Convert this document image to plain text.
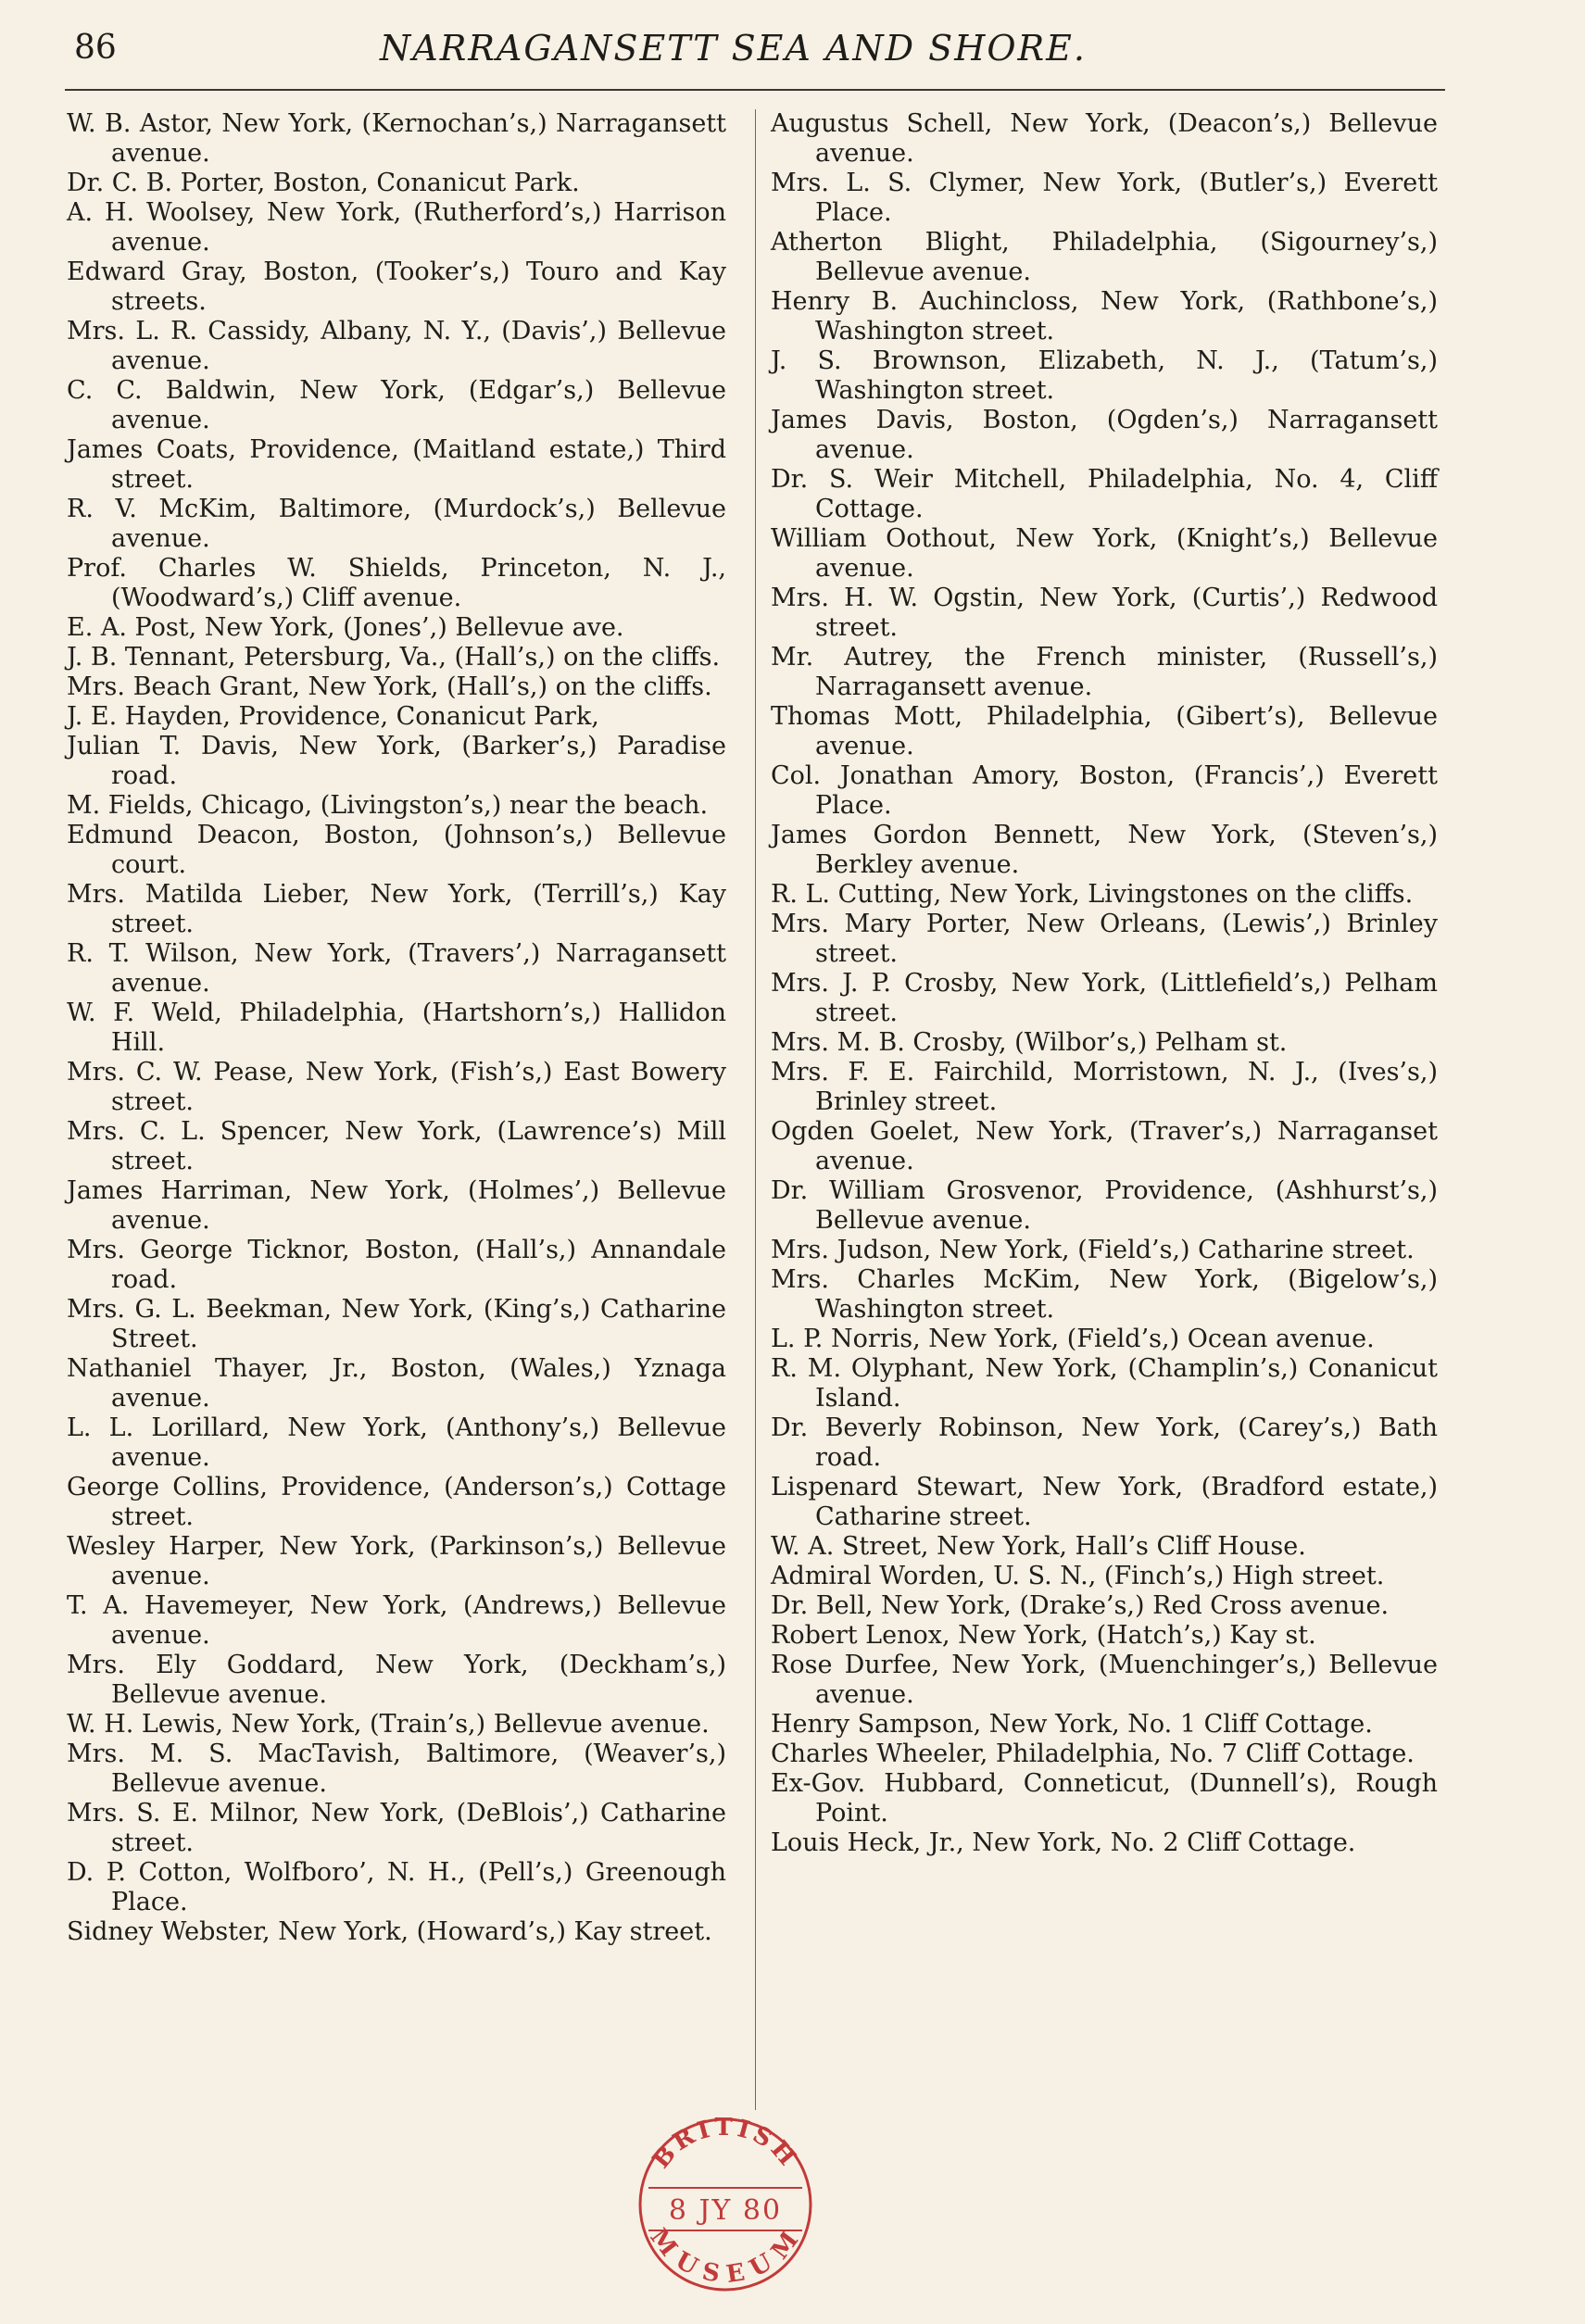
86	NARRAGANSETT SEA AND SHORE.
W. B. Astor, New York, (Kernochan’s,) Narragansett avenue.
Dr. C. B. Porter, Boston, Conanicut Park.
A. H. Woolsey, New York, (Rutherford’s,) Harrison avenue.
Edward Gray, Boston, (Tooker’s,) Touro and Kay streets.
Mrs. L. R. Cassidy, Albany, N. Y., (Davis’,) Bellevue avenue.
C. C. Baldwin, New York, (Edgar’s,) Bellevue avenue.
James Coats, Providence, (Maitland estate,) Third street.
R. V. McKim, Baltimore, (Murdock’s,) Bellevue avenue.
Prof. Charles W. Shields, Princeton, N. J., (Woodward’s,) Cliff avenue.
E. A. Post, New York, (Jones’,) Bellevue ave.
J. B. Tennant, Petersburg, Va., (Hall’s,) on the cliffs.
Mrs. Beach Grant, New York, (Hall’s,) on the cliffs.
J. E. Hayden, Providence, Conanicut Park,
Julian T. Davis, New York, (Barker’s,) Paradise road.
M. Fields, Chicago, (Livingston’s,) near the beach.
Edmund Deacon, Boston, (Johnson’s,) Bellevue court.
Mrs. Matilda Lieber, New York, (Terrill’s,) Kay street.
R. T. Wilson, New York, (Travers’,) Narragansett avenue.
W. F. Weld, Philadelphia, (Hartshorn’s,) Hallidon Hill.
Mrs. C. W. Pease, New York, (Fish’s,) East Bowery street.
Mrs. C. L. Spencer, New York, (Lawrence’s) Mill street.
James Harriman, New York, (Holmes’,) Bellevue avenue.
Mrs. George Ticknor, Boston, (Hall’s,) Annandale road.
Mrs. G. L. Beekman, New York, (King’s,) Catharine Street.
Nathaniel Thayer, Jr., Boston, (Wales,) Yznaga avenue.
L. L. Lorillard, New York, (Anthony’s,) Bellevue avenue.
George Collins, Providence, (Anderson’s,) Cottage street.
Wesley Harper, New York, (Parkinson’s,) Bellevue avenue.
T. A. Havemeyer, New York, (Andrews,) Bellevue avenue.
Mrs. Ely Goddard, New York, (Deckham’s,) Bellevue avenue.
W. H. Lewis, New York, (Train’s,) Bellevue avenue.
Mrs. M. S. MacTavish, Baltimore, (Weaver’s,) Bellevue avenue.
Mrs. S. E. Milnor, New York, (DeBlois’,) Catharine street.
D. P. Cotton, Wolfboro’, N. H., (Pell’s,) Greenough Place.
Sidney Webster, New York, (Howard’s,) Kay street.
Augustus Schell, New York, (Deacon’s,) Bellevue avenue.
Mrs. L. S. Clymer, New York, (Butler’s,) Everett Place.
Atherton Blight, Philadelphia, (Sigourney’s,) Bellevue avenue.
Henry B. Auchincloss, New York, (Rathbone’s,) Washington street.
J. S. Brownson, Elizabeth, N. J., (Tatum’s,) Washington street.
James Davis, Boston, (Ogden’s,) Narragansett avenue.
Dr. S. Weir Mitchell, Philadelphia, No. 4, Cliff Cottage.
William Oothout, New York, (Knight’s,) Bellevue avenue.
Mrs. H. W. Ogstin, New York, (Curtis’,) Redwood street.
Mr. Autrey, the French minister, (Russell’s,) Narragansett avenue.
Thomas Mott, Philadelphia, (Gibert’s), Bellevue avenue.
Col. Jonathan Amory, Boston, (Francis’,) Everett Place.
James Gordon Bennett, New York, (Steven’s,) Berkley avenue.
R. L. Cutting, New York, Livingstones on the cliffs.
Mrs. Mary Porter, New Orleans, (Lewis’,) Brinley street.
Mrs. J. P. Crosby, New York, (Littlefield’s,) Pelham street.
Mrs. M. B. Crosby, (Wilbor’s,) Pelham st.
Mrs. F. E. Fairchild, Morristown, N. J., (Ives’s,) Brinley street.
Ogden Goelet, New York, (Traver’s,) Narraganset avenue.
Dr. William Grosvenor, Providence, (Ashhurst’s,) Bellevue avenue.
Mrs. Judson, New York, (Field’s,) Catharine street.
Mrs. Charles McKim, New York, (Bigelow’s,) Washington street.
L. P. Norris, New York, (Field’s,) Ocean avenue.
R. M. Olyphant, New York, (Champlin’s,) Conanicut Island.
Dr. Beverly Robinson, New York, (Carey’s,) Bath road.
Lispenard Stewart, New York, (Bradford estate,) Catharine street.
W. A. Street, New York, Hall’s Cliff House.
Admiral Worden, U. S. N., (Finch’s,) High street.
Dr. Bell, New York, (Drake’s,) Red Cross avenue.
Robert Lenox, New York, (Hatch’s,) Kay st.
Rose Durfee, New York, (Muenchinger’s,) Bellevue avenue.
Henry Sampson, New York, No. 1 Cliff Cottage.
Charles Wheeler, Philadelphia, No. 7 Cliff Cottage.
Ex-Gov. Hubbard, Conneticut, (Dunnell’s), Rough Point.
Louis Heck, Jr., New York, No. 2 Cliff Cottage.
BRITISH
8 JY 80
MUSEUM
